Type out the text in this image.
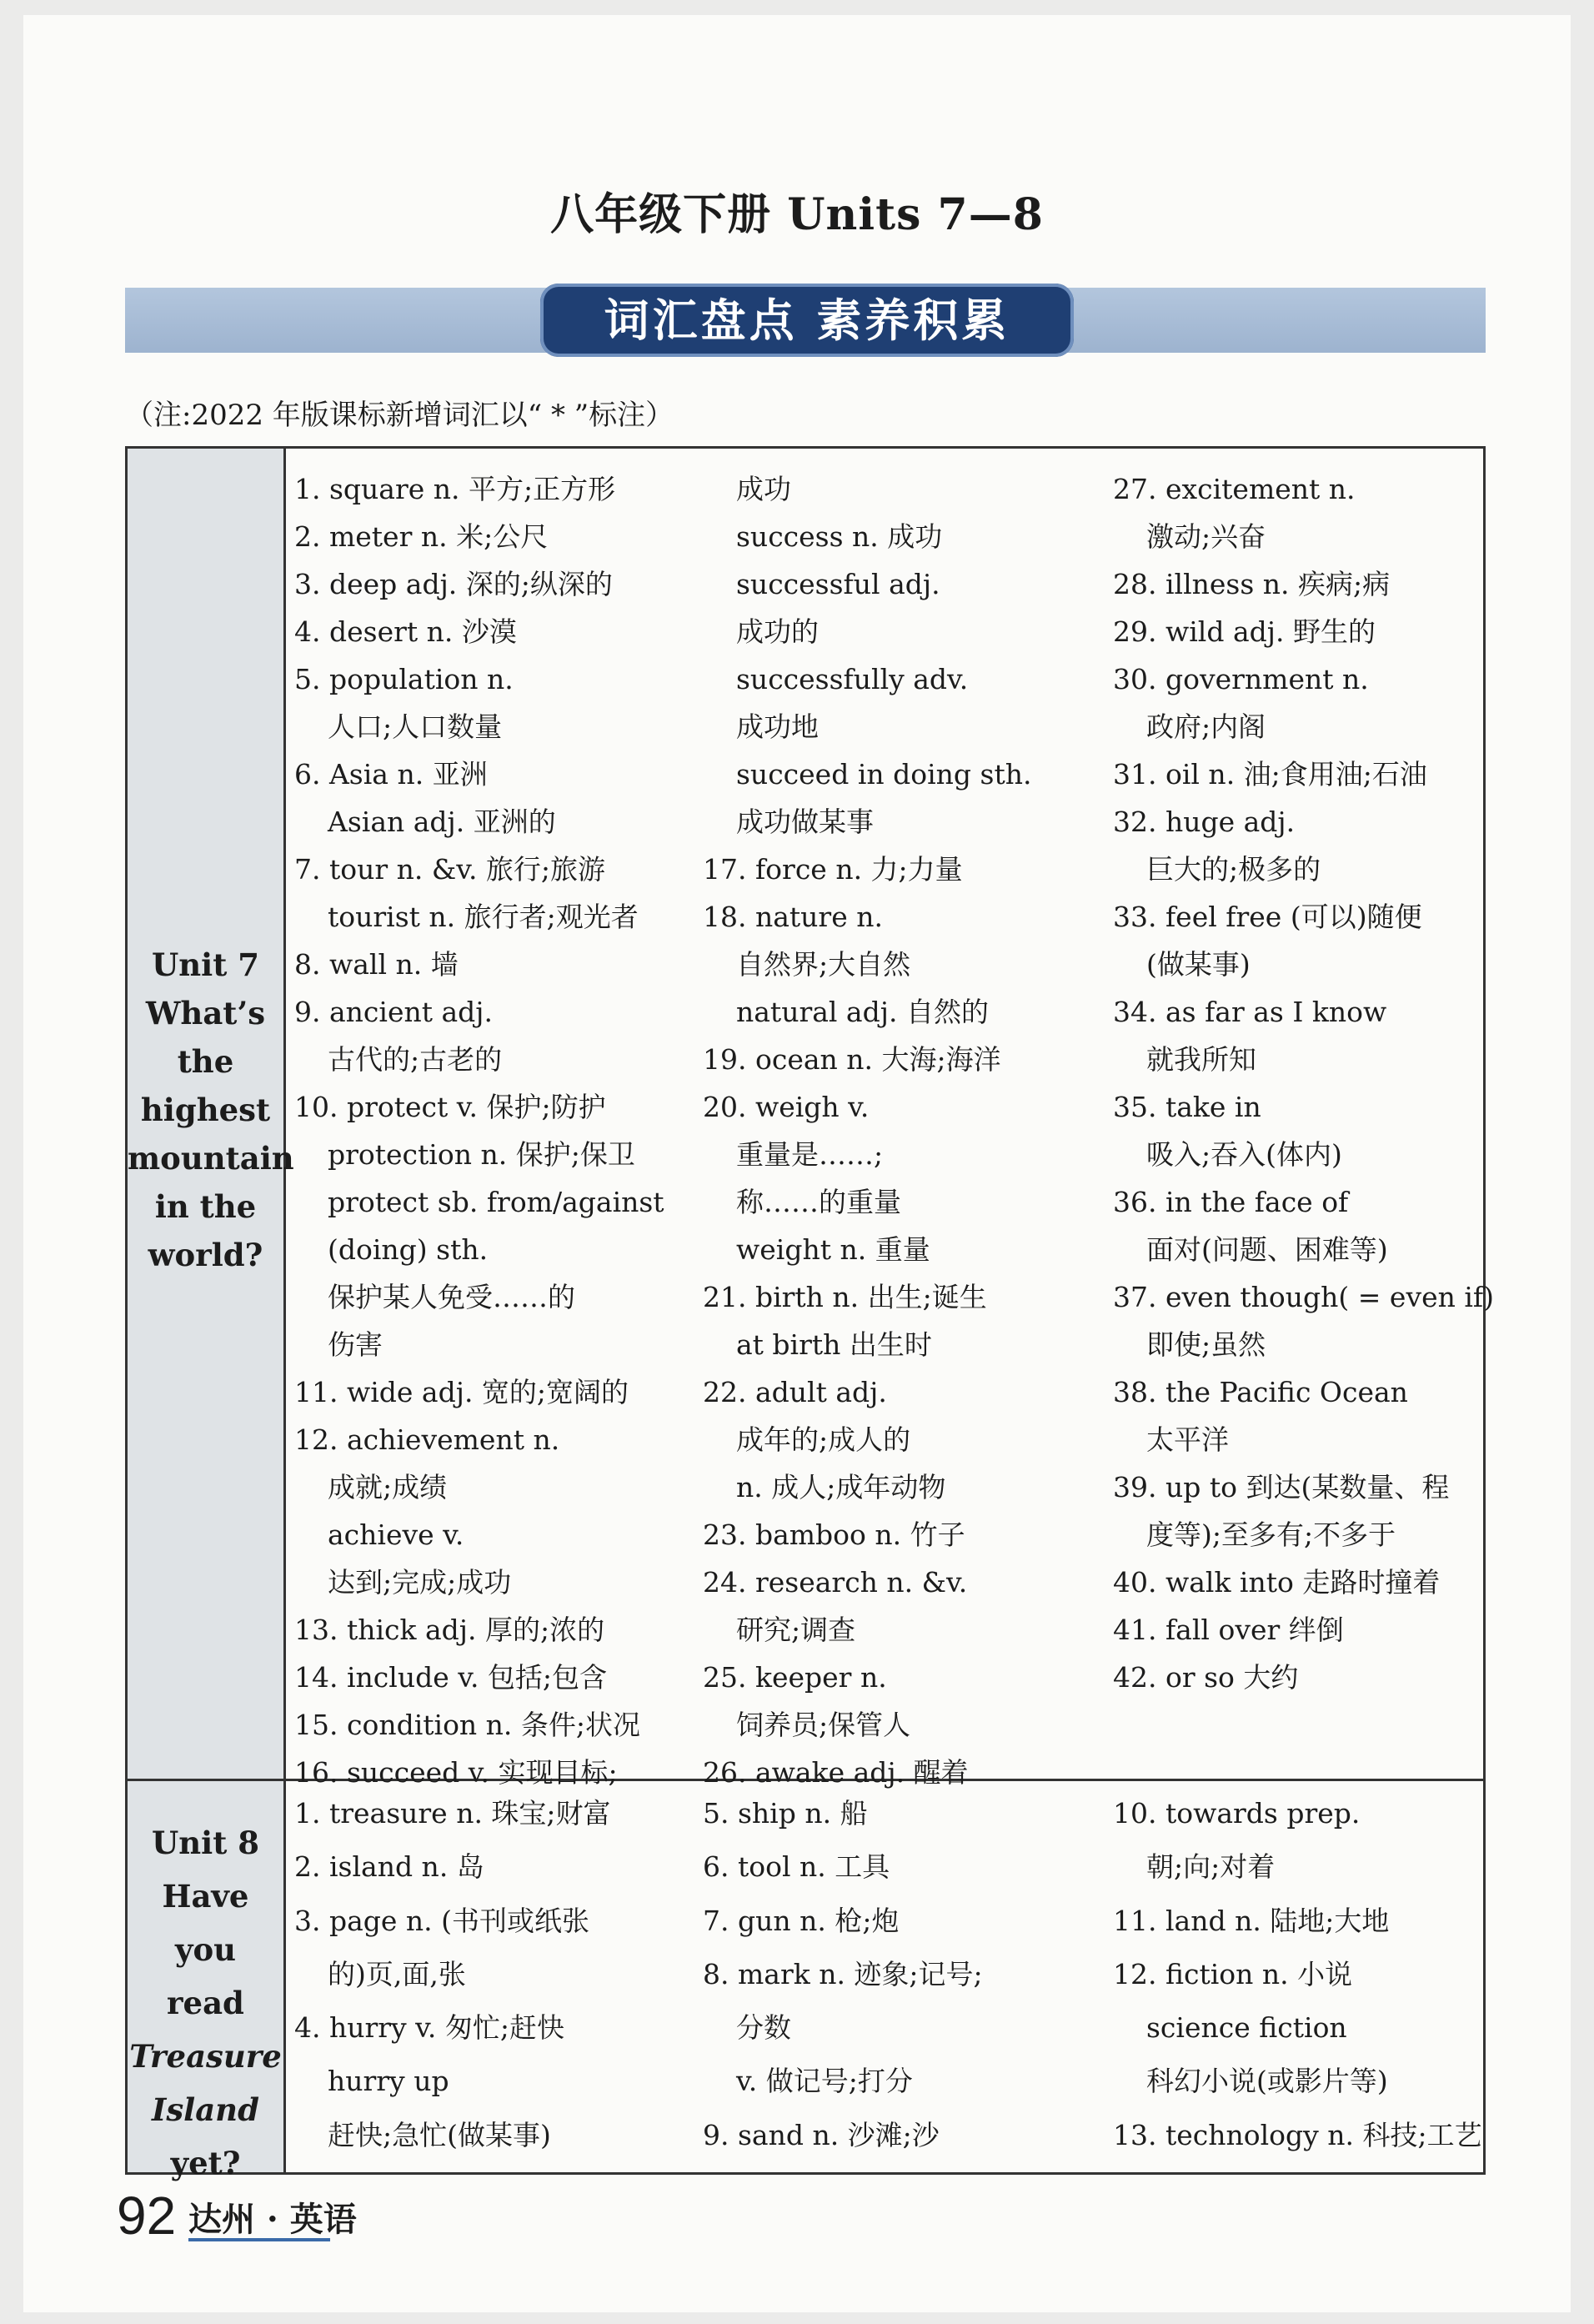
八年级下册 Units 7—8
词汇盘点 素养积累
（注:2022 年版课标新增词汇以“ * ”标注）
Unit 7
What’s
the
highest
mountain
in the
world?
Unit 8
Have you
read
Treasure
Island
yet?
1. square n. 平方;正方形
2. meter n. 米;公尺
3. deep adj. 深的;纵深的
4. desert n. 沙漠
5. population n.
人口;人口数量
6. Asia n. 亚洲
Asian adj. 亚洲的
7. tour n. &v. 旅行;旅游
tourist n. 旅行者;观光者
8. wall n. 墙
9. ancient adj.
古代的;古老的
10. protect v. 保护;防护
protection n. 保护;保卫
protect sb. from/against
(doing) sth.
保护某人免受……的
伤害
11. wide adj. 宽的;宽阔的
12. achievement n.
成就;成绩
achieve v.
达到;完成;成功
13. thick adj. 厚的;浓的
14. include v. 包括;包含
15. condition n. 条件;状况
16. succeed v. 实现目标;
成功
success n. 成功
successful adj.
成功的
successfully adv.
成功地
succeed in doing sth.
成功做某事
17. force n. 力;力量
18. nature n.
自然界;大自然
natural adj. 自然的
19. ocean n. 大海;海洋
20. weigh v.
重量是……;
称……的重量
weight n. 重量
21. birth n. 出生;诞生
at birth 出生时
22. adult adj.
成年的;成人的
n. 成人;成年动物
23. bamboo n. 竹子
24. research n. &v.
研究;调查
25. keeper n.
饲养员;保管人
26. awake adj. 醒着
27. excitement n.
激动;兴奋
28. illness n. 疾病;病
29. wild adj. 野生的
30. government n.
政府;内阁
31. oil n. 油;食用油;石油
32. huge adj.
巨大的;极多的
33. feel free (可以)随便
(做某事)
34. as far as I know
就我所知
35. take in
吸入;吞入(体内)
36. in the face of
面对(问题、困难等)
37. even though( = even if)
即使;虽然
38. the Pacific Ocean
太平洋
39. up to 到达(某数量、程
度等);至多有;不多于
40. walk into 走路时撞着
41. fall over 绊倒
42. or so 大约
1. treasure n. 珠宝;财富
2. island n. 岛
3. page n. (书刊或纸张
的)页,面,张
4. hurry v. 匆忙;赶快
hurry up
赶快;急忙(做某事)
5. ship n. 船
6. tool n. 工具
7. gun n. 枪;炮
8. mark n. 迹象;记号;
分数
v. 做记号;打分
9. sand n. 沙滩;沙
10. towards prep.
朝;向;对着
11. land n. 陆地;大地
12. fiction n. 小说
science fiction
科幻小说(或影片等)
13. technology n. 科技;工艺
92 达州 · 英语
